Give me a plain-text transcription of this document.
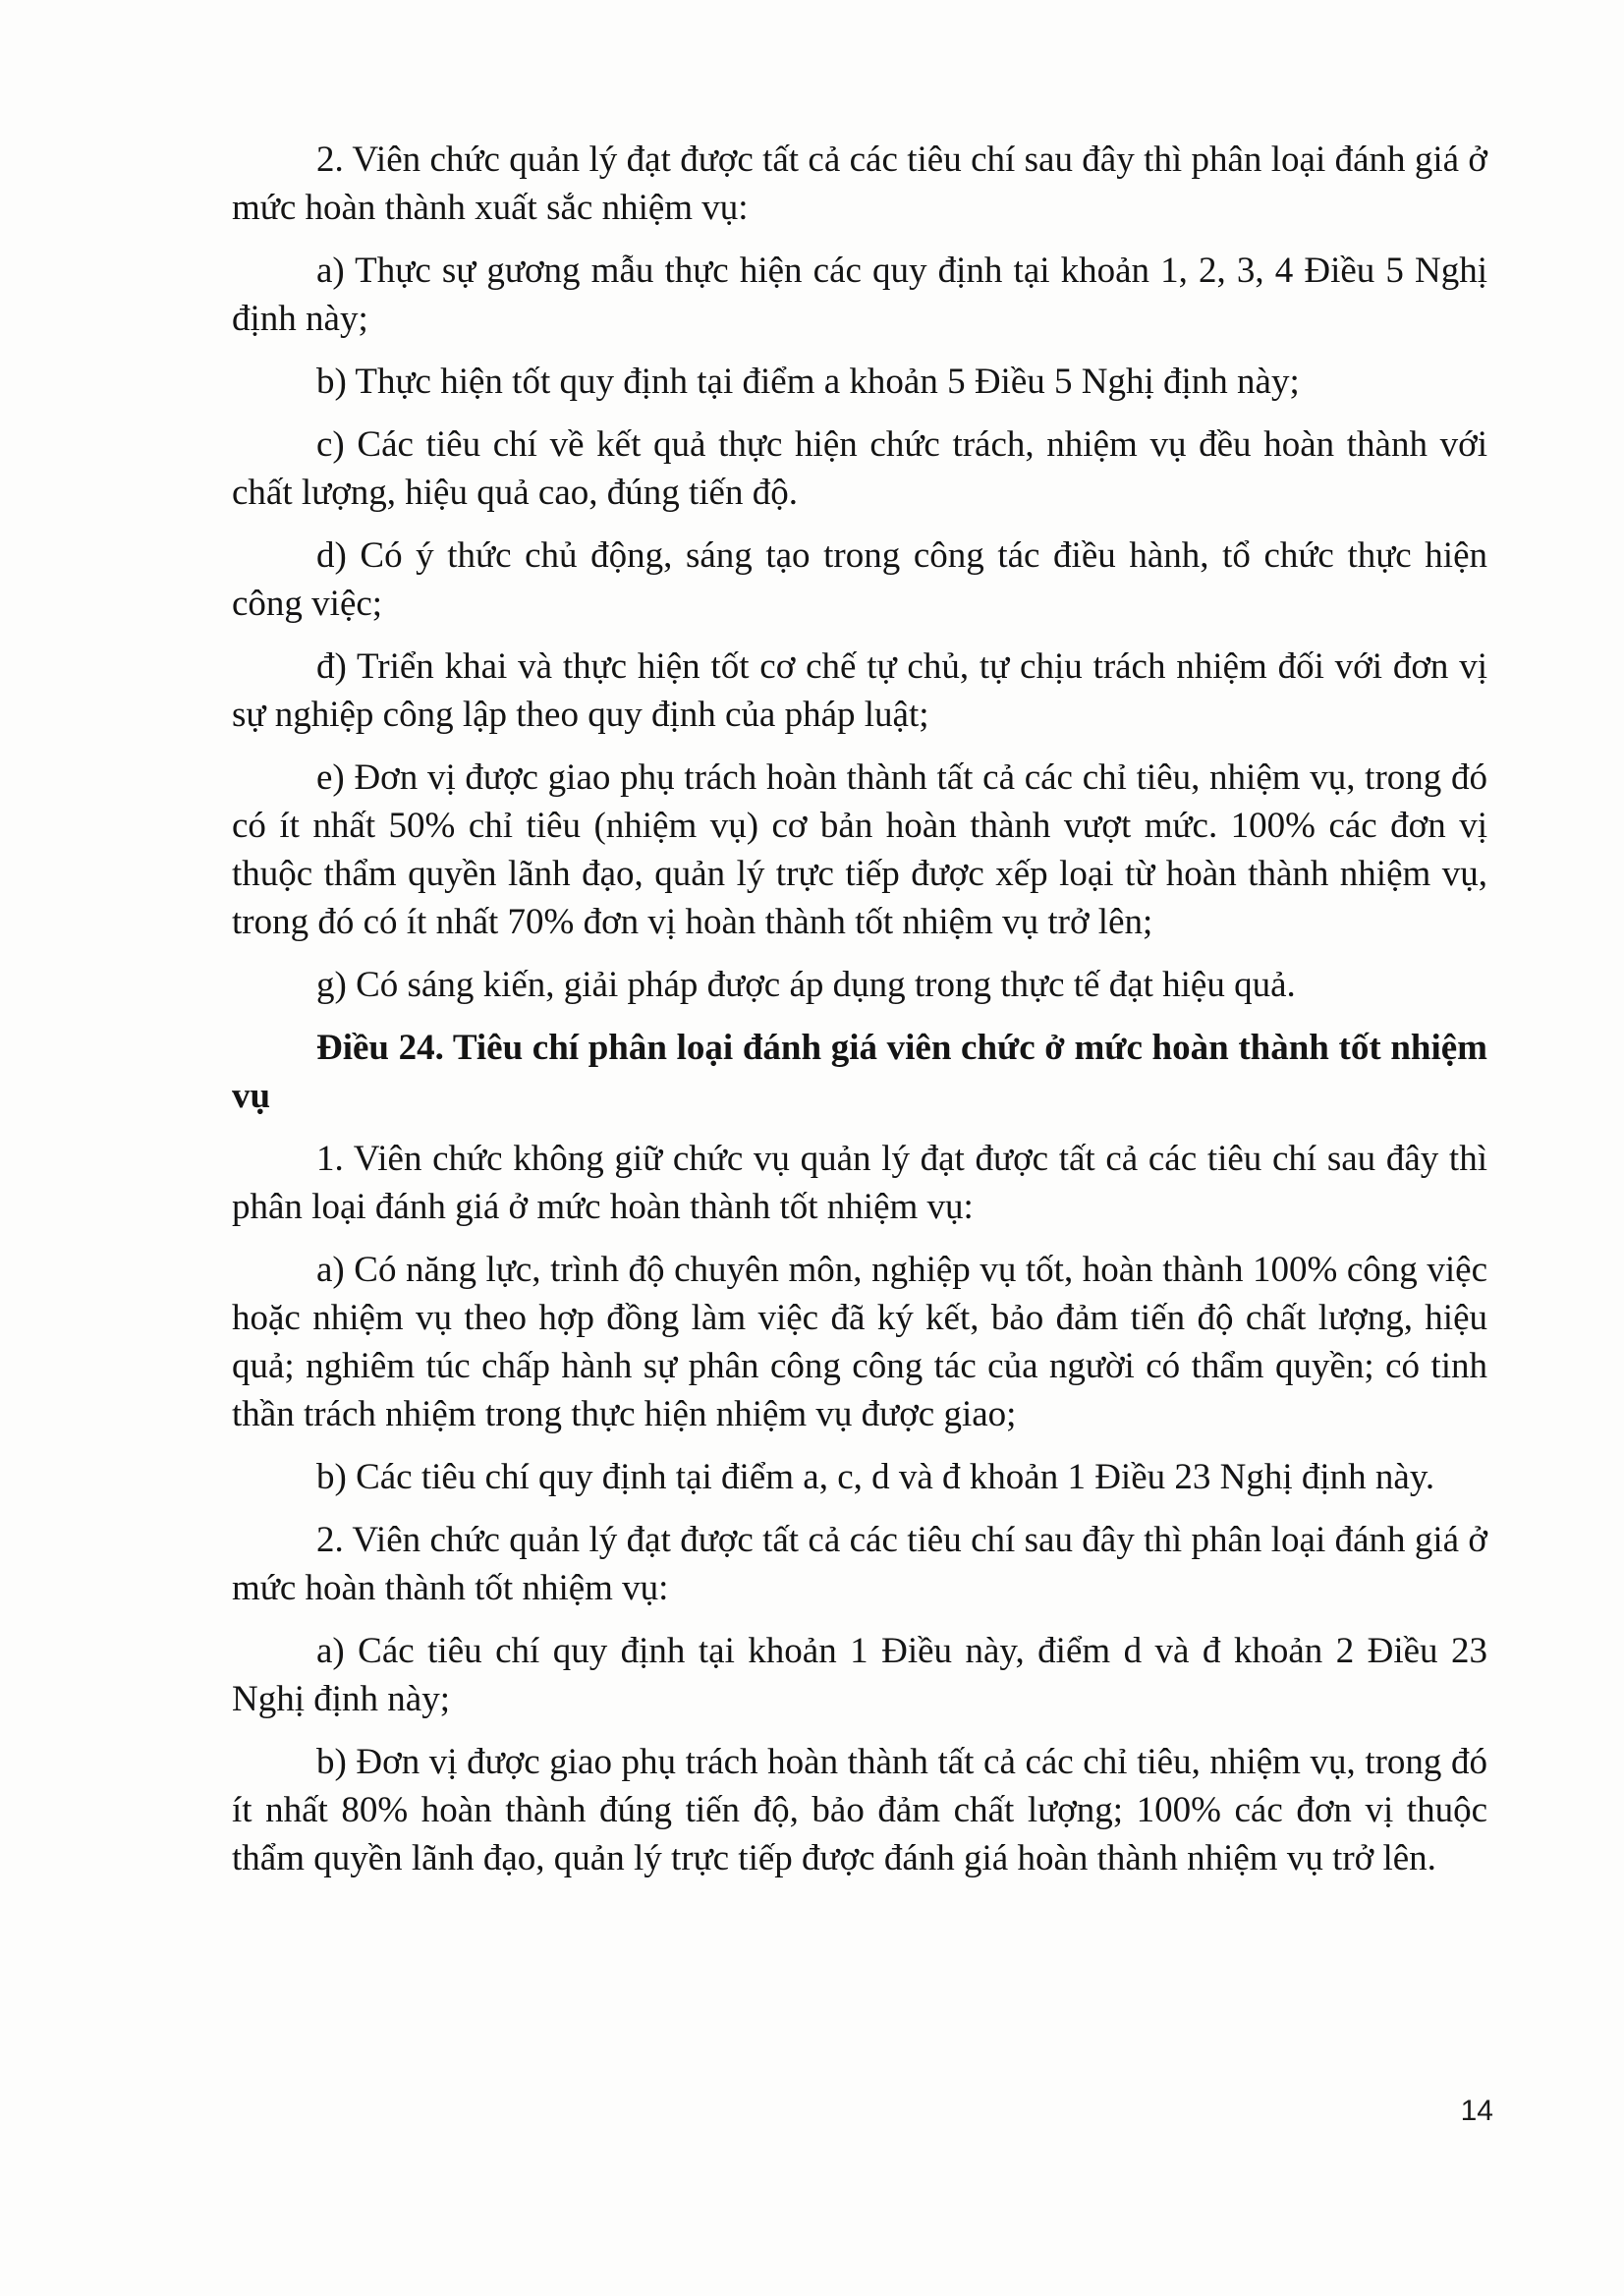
2. Viên chức quản lý đạt được tất cả các tiêu chí sau đây thì phân loại đánh giá ở mức hoàn thành xuất sắc nhiệm vụ:

a) Thực sự gương mẫu thực hiện các quy định tại khoản 1, 2, 3, 4 Điều 5 Nghị định này;

b) Thực hiện tốt quy định tại điểm a khoản 5 Điều 5 Nghị định này;

c) Các tiêu chí về kết quả thực hiện chức trách, nhiệm vụ đều hoàn thành với chất lượng, hiệu quả cao, đúng tiến độ.

d) Có ý thức chủ động, sáng tạo trong công tác điều hành, tổ chức thực hiện công việc;

đ) Triển khai và thực hiện tốt cơ chế tự chủ, tự chịu trách nhiệm đối với đơn vị sự nghiệp công lập theo quy định của pháp luật;

e) Đơn vị được giao phụ trách hoàn thành tất cả các chỉ tiêu, nhiệm vụ, trong đó có ít nhất 50% chỉ tiêu (nhiệm vụ) cơ bản hoàn thành vượt mức. 100% các đơn vị thuộc thẩm quyền lãnh đạo, quản lý trực tiếp được xếp loại từ hoàn thành nhiệm vụ, trong đó có ít nhất 70% đơn vị hoàn thành tốt nhiệm vụ trở lên;

g) Có sáng kiến, giải pháp được áp dụng trong thực tế đạt hiệu quả.

Điều 24. Tiêu chí phân loại đánh giá viên chức ở mức hoàn thành tốt nhiệm vụ

1. Viên chức không giữ chức vụ quản lý đạt được tất cả các tiêu chí sau đây thì phân loại đánh giá ở mức hoàn thành tốt nhiệm vụ:

a) Có năng lực, trình độ chuyên môn, nghiệp vụ tốt, hoàn thành 100% công việc hoặc nhiệm vụ theo hợp đồng làm việc đã ký kết, bảo đảm tiến độ chất lượng, hiệu quả; nghiêm túc chấp hành sự phân công công tác của người có thẩm quyền; có tinh thần trách nhiệm trong thực hiện nhiệm vụ được giao;

b) Các tiêu chí quy định tại điểm a, c, d và đ khoản 1 Điều 23 Nghị định này.

2. Viên chức quản lý đạt được tất cả các tiêu chí sau đây thì phân loại đánh giá ở mức hoàn thành tốt nhiệm vụ:

a) Các tiêu chí quy định tại khoản 1 Điều này, điểm d và đ khoản 2 Điều 23 Nghị định này;

b) Đơn vị được giao phụ trách hoàn thành tất cả các chỉ tiêu, nhiệm vụ, trong đó ít nhất 80% hoàn thành đúng tiến độ, bảo đảm chất lượng; 100% các đơn vị thuộc thẩm quyền lãnh đạo, quản lý trực tiếp được đánh giá hoàn thành nhiệm vụ trở lên.

14
